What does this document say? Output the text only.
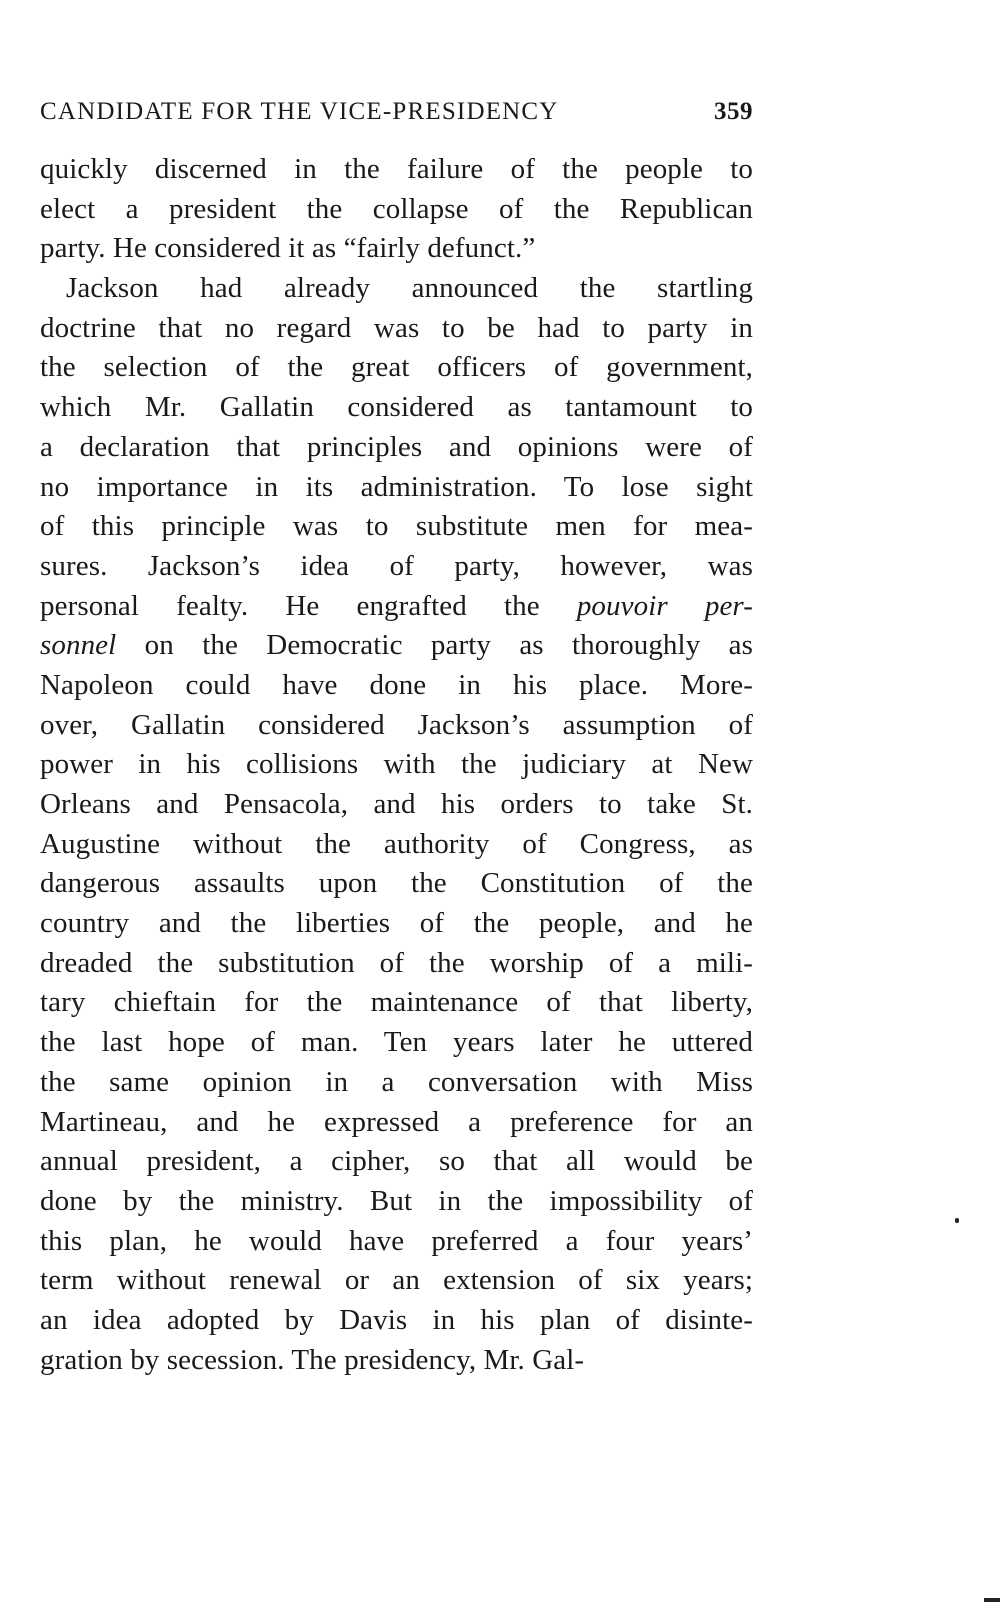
CANDIDATE FOR THE VICE-PRESIDENCY	359
quickly discerned in the failure of the people to
elect a president the collapse of the Republican
party. He considered it as “fairly defunct.”
Jackson had already announced the startling
doctrine that no regard was to be had to party in
the selection of the great officers of government,
which Mr. Gallatin considered as tantamount to
a declaration that principles and opinions were of
no importance in its administration. To lose sight
of this principle was to substitute men for mea-
sures. Jackson’s idea of party, however, was
personal fealty. He engrafted the pouvoir per-
sonnel on the Democratic party as thoroughly as
Napoleon could have done in his place. More-
over, Gallatin considered Jackson’s assumption of
power in his collisions with the judiciary at New
Orleans and Pensacola, and his orders to take St.
Augustine without the authority of Congress, as
dangerous assaults upon the Constitution of the
country and the liberties of the people, and he
dreaded the substitution of the worship of a mili-
tary chieftain for the maintenance of that liberty,
the last hope of man. Ten years later he uttered
the same opinion in a conversation with Miss
Martineau, and he expressed a preference for an
annual president, a cipher, so that all would be
done by the ministry. But in the impossibility of
this plan, he would have preferred a four years’
term without renewal or an extension of six years;
an idea adopted by Davis in his plan of disinte-
gration by secession. The presidency, Mr. Gal-
